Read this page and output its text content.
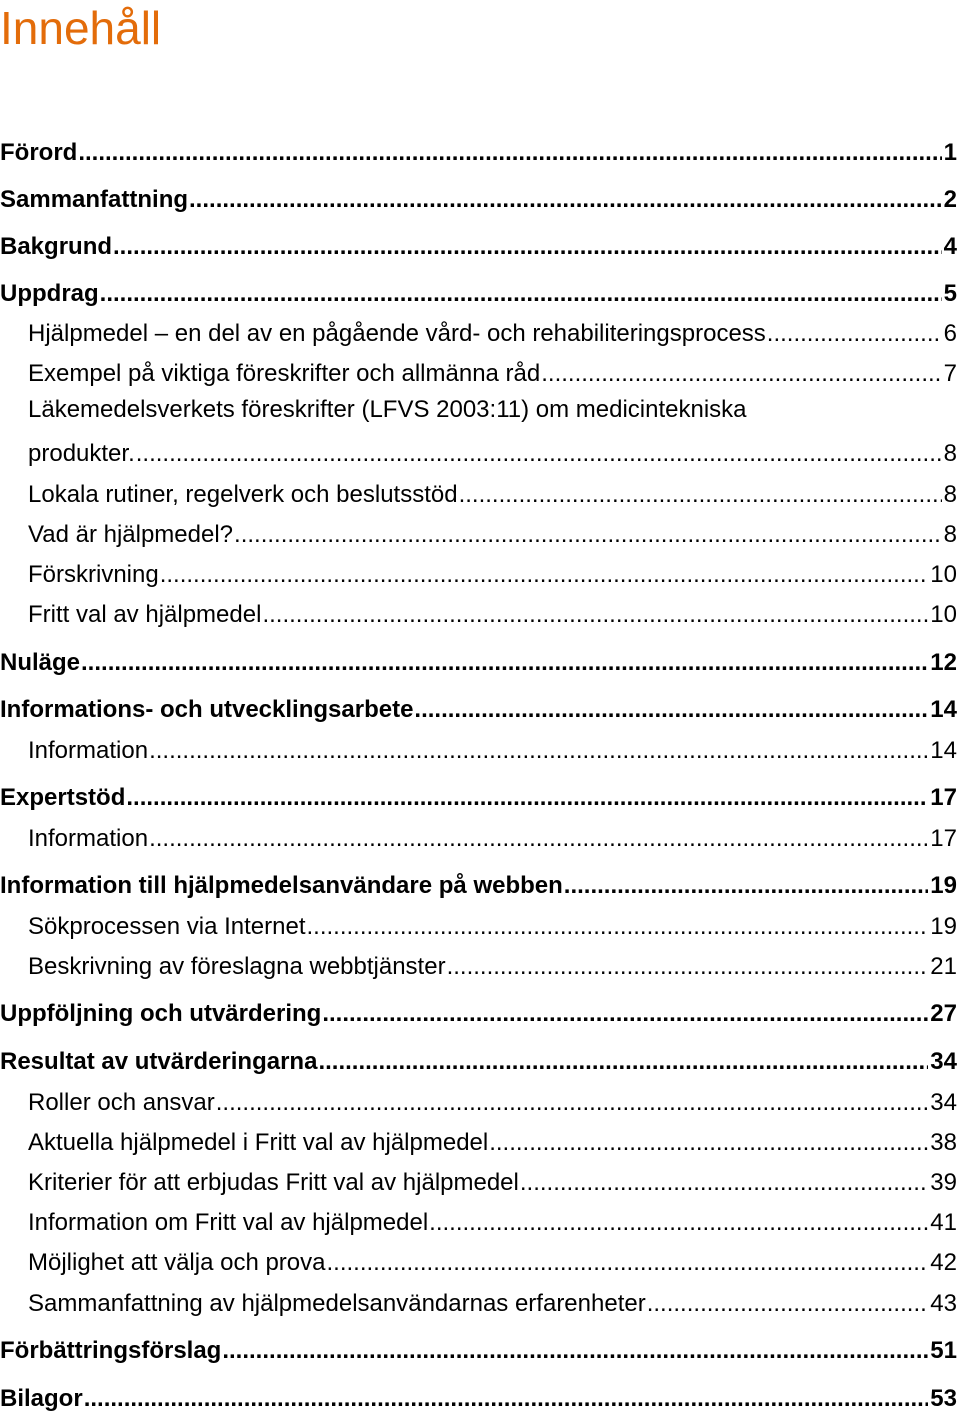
Innehåll
Förord .....	1
Sammanfattning .....	2
Bakgrund .....	4
Uppdrag .....	5
Hjälpmedel – en del av en pågående vård- och rehabiliteringsprocess .....	6
Exempel på viktiga föreskrifter och allmänna råd .....	7
Läkemedelsverkets föreskrifter (LFVS 2003:11) om medicintekniska
produkter. .....	8
Lokala rutiner, regelverk och beslutsstöd .....	8
Vad är hjälpmedel? .....	8
Förskrivning .....	10
Fritt val av hjälpmedel .....	10
Nuläge .....	12
Informations- och utvecklingsarbete .....	14
Information .....	14
Expertstöd .....	17
Information .....	17
Information till hjälpmedelsanvändare på webben .....	19
Sökprocessen via Internet .....	19
Beskrivning av föreslagna webbtjänster .....	21
Uppföljning och utvärdering .....	27
Resultat av utvärderingarna .....	34
Roller och ansvar .....	34
Aktuella hjälpmedel i Fritt val av hjälpmedel .....	38
Kriterier för att erbjudas Fritt val av hjälpmedel .....	39
Information om Fritt val av hjälpmedel .....	41
Möjlighet att välja och prova .....	42
Sammanfattning av hjälpmedelsanvändarnas erfarenheter .....	43
Förbättringsförslag .....	51
Bilagor .....	53
